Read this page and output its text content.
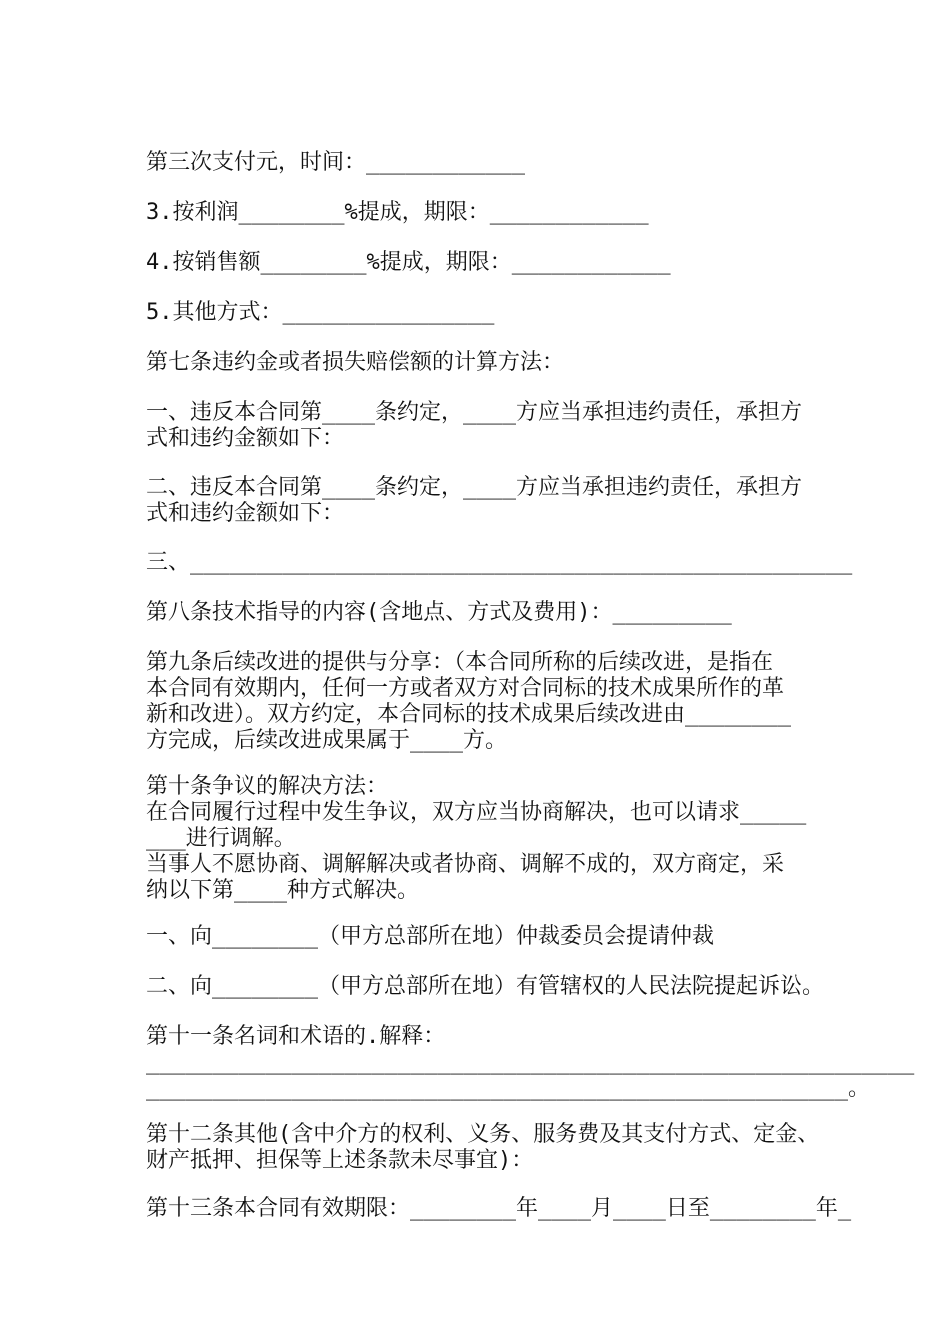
第三次支付元，时间：____________
3.按利润________%提成，期限：____________
4.按销售额________%提成，期限：____________
5.其他方式：________________
第七条违约金或者损失赔偿额的计算方法：
一、违反本合同第____条约定，____方应当承担违约责任，承担方
式和违约金额如下：
二、违反本合同第____条约定，____方应当承担违约责任，承担方
式和违约金额如下：
三、__________________________________________________
第八条技术指导的内容(含地点、方式及费用)：_________
第九条后续改进的提供与分享：（本合同所称的后续改进，是指在
本合同有效期内，任何一方或者双方对合同标的技术成果所作的革
新和改进）。双方约定，本合同标的技术成果后续改进由________
方完成，后续改进成果属于____方。
第十条争议的解决方法：
在合同履行过程中发生争议，双方应当协商解决，也可以请求_____
___进行调解。
当事人不愿协商、调解解决或者协商、调解不成的，双方商定，采
纳以下第____种方式解决。
一、向________（甲方总部所在地）仲裁委员会提请仲裁
二、向________（甲方总部所在地）有管辖权的人民法院提起诉讼。
第十一条名词和术语的.解释：
__________________________________________________________
_____________________________________________________。
第十二条其他(含中介方的权利、义务、服务费及其支付方式、定金、
财产抵押、担保等上述条款未尽事宜)：
第十三条本合同有效期限：________年____月____日至________年_
